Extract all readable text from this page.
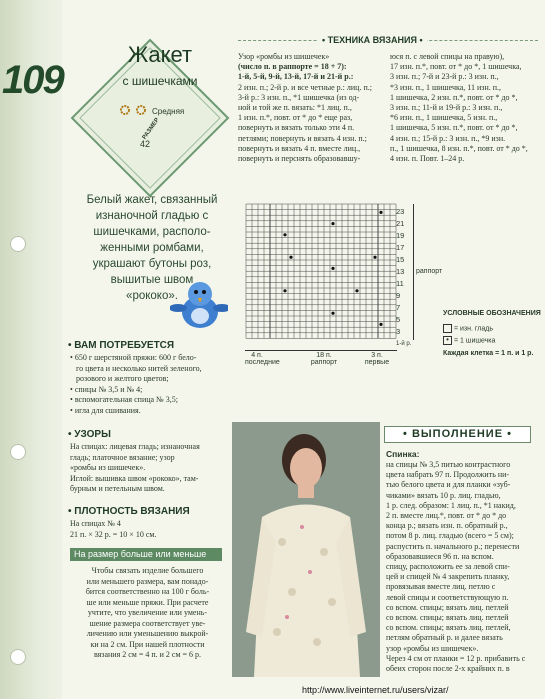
109
Жакет
с шишечками
Средняя
РАЗМЕР
42
Белый жакет, связанный
изнаночной гладью с
шишечками, располо-
женными ромбами,
украшают бутоны роз,
вышитые швом
«рококо».
• ВАМ ПОТРЕБУЕТСЯ
• 650 г шерстяной пряжи: 600 г бело-
го цвета и несколько нитей зеленого, розового и желтого цветов;
• спицы № 3,5 и № 4;
• вспомогательная спица № 3,5;
• игла для сшивания.
• УЗОРЫ
На спицах: лицевая гладь; изнаночная
гладь; платочное вязание; узор
«ромбы из шишечек».
Иглой: вышивка швом «рококо», там-
бурным и петельным швом.
• ПЛОТНОСТЬ ВЯЗАНИЯ
На спицах № 4
21 п. × 32 р. = 10 × 10 см.
На размер больше или меньше
Чтобы связать изделие большего
или меньшего размера, вам понадо-
бится соответственно на 100 г боль-
ше или меньше пряжи. При расчете
учтите, что увеличение или умень-
шение размера соответствует уве-
личению или уменьшению выкрой-
ки на 2 см. При нашей плотности
вязания 2 см = 4 п. и 2 см = 6 р.
• ТЕХНИКА ВЯЗАНИЯ •
Узор «ромбы из шишечек»
(число п. в раппорте = 18 + 7):
1-й, 5-й, 9-й, 13-й, 17-й и 21-й р.:
2 изн. п.; 2-й р. и все четные р.: лиц. п.;
3-й р.: 3 изн. п., *1 шишечка (из од-
ной и той же п. вязать: *1 лиц. п.,
1 изн. п.*, повт. от * до * еще раз,
повернуть и вязать только эти 4 п.
петлями; повернуть и вязать 4 изн. п.;
повернуть и вязать 4 п. вместе лиц.,
повернуть и перснять образовавшу-
юся п. с левой спицы на правую),
17 изн. п.*, повт. от * до *, 1 шишечка,
3 изн. п.; 7-й и 23-й р.: 3 изн. п.,
*3 изн. п., 1 шишечка, 11 изн. п.,
1 шишечка, 2 изн. п.*, повт. от * до *,
3 изн. п.; 11-й и 19-й р.: 3 изн. п.,
*6 изн. п., 1 шишечка, 5 изн. п.,
1 шишечка, 5 изн. п.*, повт. от * до *,
4 изн. п.; 15-й р.: 3 изн. п., *9 изн.
п., 1 шишечка, 8 изн. п.*, повт. от * до *,
4 изн. п. Повт. 1–24 р.
23
21
19
17
15
13
11
9
7
5
3
1-й р.
раппорт
4 п.
последние
18 п.
раппорт
3 п.
первые
УСЛОВНЫЕ ОБОЗНАЧЕНИЯ
= изн. гладь
• = 1 шишечка
Каждая клетка = 1 п. и 1 р.
• ВЫПОЛНЕНИЕ •
Спинка:
на спицы № 3,5 питью контрастного
цвета набрать 97 п. Продолжить ни-
тью белого цвета и для планки «зуб-
чиками» вязать 10 р. лиц. гладью,
1 р. след. образом: 1 лиц. п., *1 накид,
2 п. вместе лиц.*, повт. от * до * до
конца р.; вязать изн. п. обратный р.,
потом 8 р. лиц. гладью (всего = 5 см);
распустить п. начального р.; перенести
образовавшиеся 96 п. на вспом.
спицу, расположить ее за левой спи-
цей и спицей № 4 закрепить планку,
провязывая вместе лиц. петлю с
левой спицы и соответствующую п.
со вспом. спицы; вязать лиц. петлей
со вспом. спицы; вязать лиц. петлей
со вспом. спицы; вязать лиц. петлей,
петлям обратный р. и далее вязать
узор «ромбы из шишечек».
Через 4 см от планки = 12 р. прибавить с
обеих сторон после 2-х крайних п. в
http://www.liveinternet.ru/users/vizar/
